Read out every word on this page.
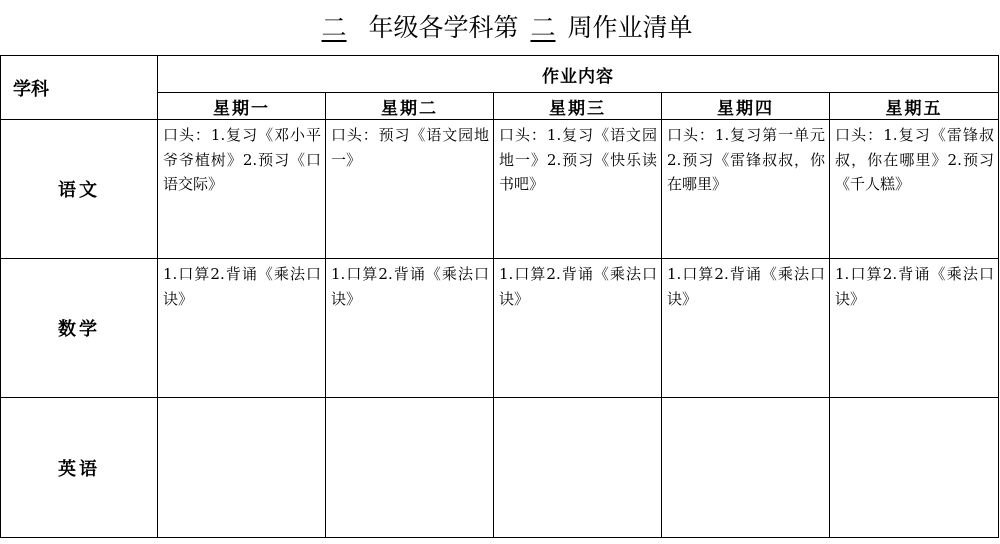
二 年级各学科第 二 周作业清单
学科	作业内容				
	星期一	星期二	星期三	星期四	星期五
语文	口头：1.复习《邓小平爷爷植树》2.预习《口语交际》	口头：预习《语文园地一》	口头：1.复习《语文园地一》2.预习《快乐读书吧》	口头：1.复习第一单元 2.预习《雷锋叔叔，你在哪里》	口头：1.复习《雷锋叔叔，你在哪里》2.预习《千人糕》
数学	1.口算2.背诵《乘法口诀》	1.口算2.背诵《乘法口诀》	1.口算2.背诵《乘法口诀》	1.口算2.背诵《乘法口诀》	1.口算2.背诵《乘法口诀》
英语					
